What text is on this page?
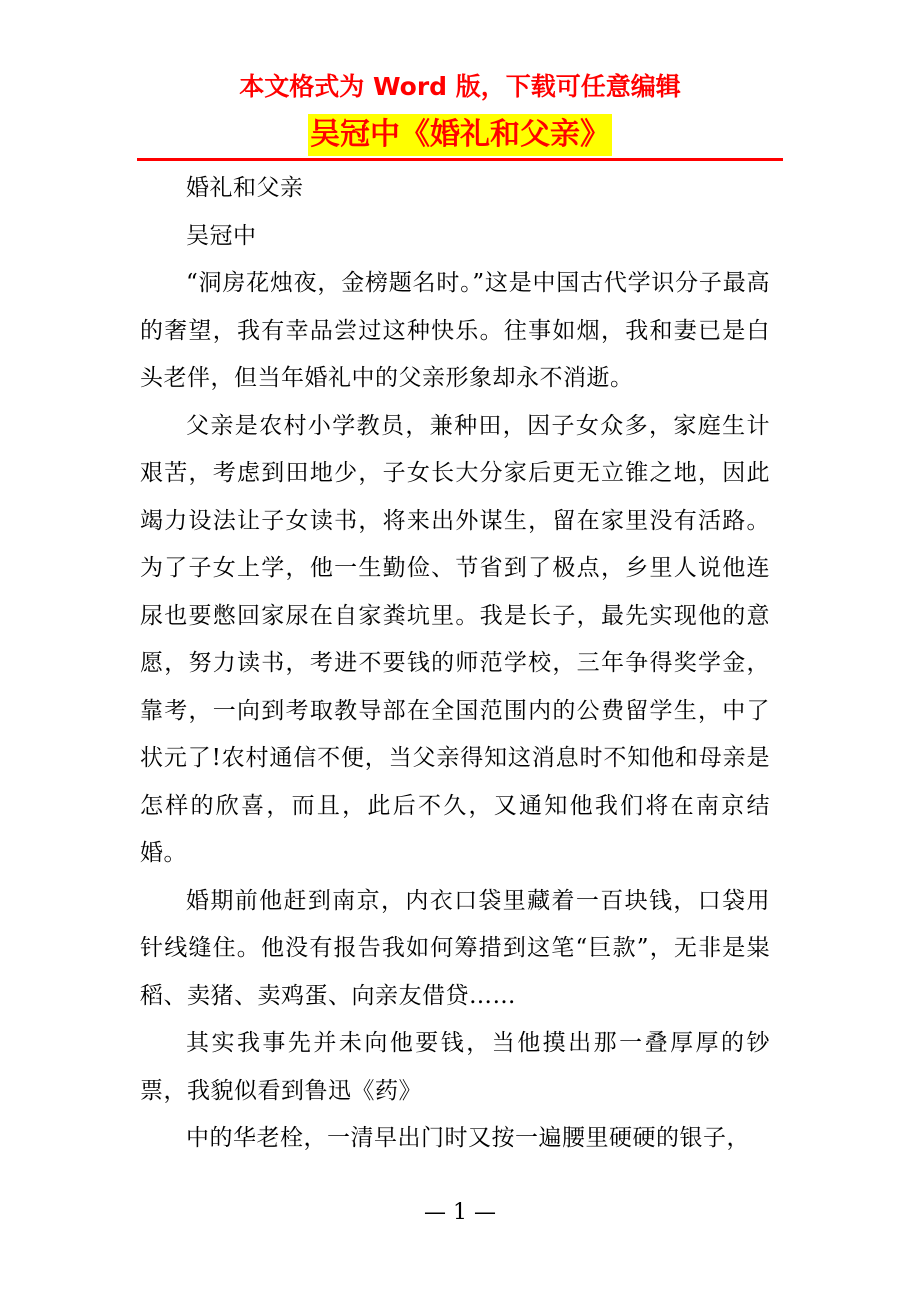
本文格式为 Word 版，下载可任意编辑

吴冠中《婚礼和父亲》

婚礼和父亲

吴冠中

“洞房花烛夜，金榜题名时。”这是中国古代学识分子最高的奢望，我有幸品尝过这种快乐。往事如烟，我和妻已是白头老伴，但当年婚礼中的父亲形象却永不消逝。

父亲是农村小学教员，兼种田，因子女众多，家庭生计艰苦，考虑到田地少，子女长大分家后更无立锥之地，因此竭力设法让子女读书，将来出外谋生，留在家里没有活路。为了子女上学，他一生勤俭、节省到了极点，乡里人说他连尿也要憋回家尿在自家粪坑里。我是长子，最先实现他的意愿，努力读书，考进不要钱的师范学校，三年争得奖学金，靠考，一向到考取教导部在全国范围内的公费留学生，中了状元了!农村通信不便，当父亲得知这消息时不知他和母亲是怎样的欣喜，而且，此后不久，又通知他我们将在南京结婚。

婚期前他赶到南京，内衣口袋里藏着一百块钱，口袋用针线缝住。他没有报告我如何筹措到这笔“巨款”，无非是粜稻、卖猪、卖鸡蛋、向亲友借贷……

其实我事先并未向他要钱，当他摸出那一叠厚厚的钞票，我貌似看到鲁迅《药》

中的华老栓，一清早出门时又按一遍腰里硬硬的银子，

— 1 —
